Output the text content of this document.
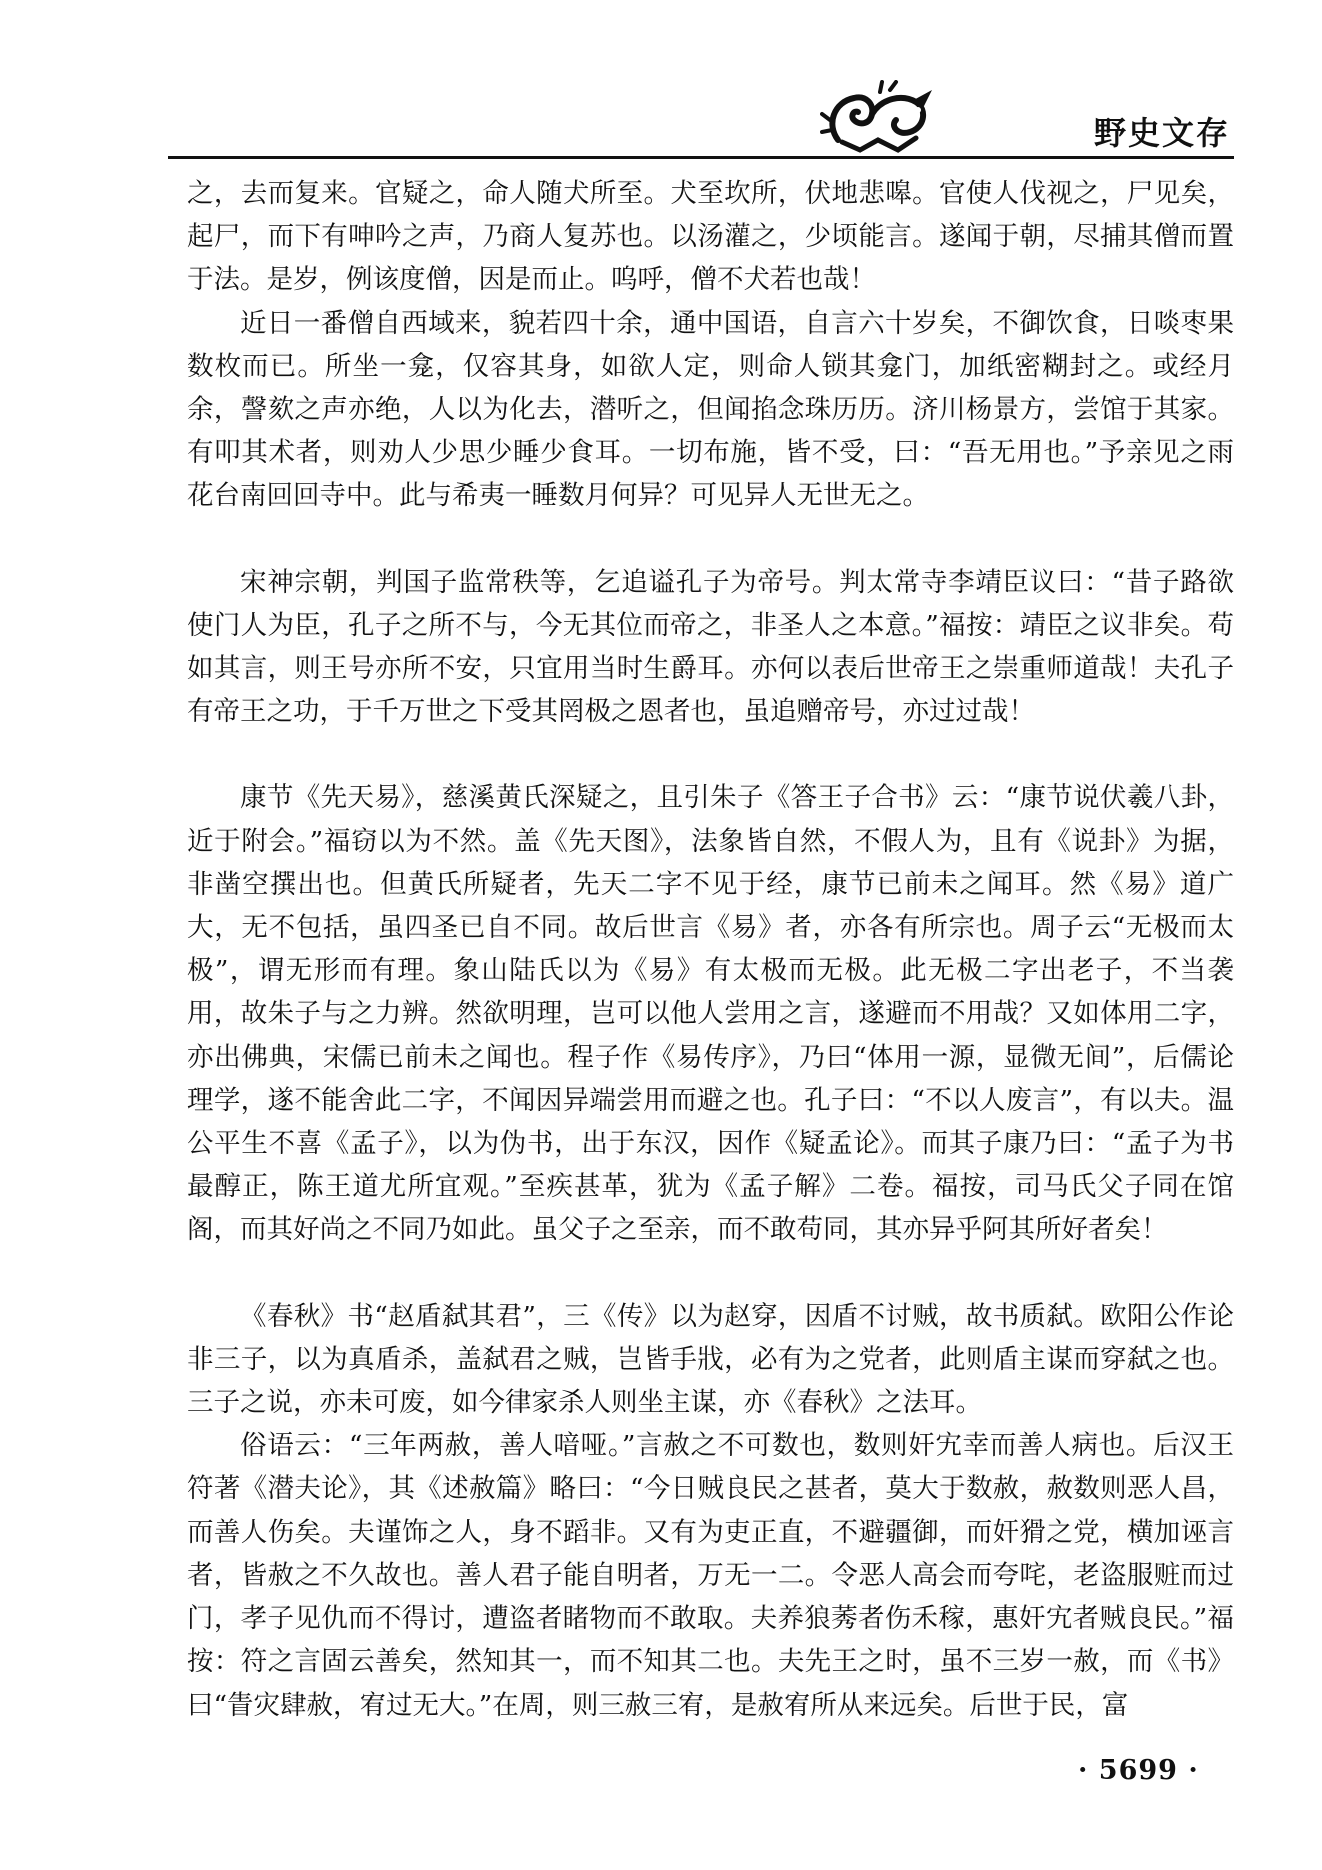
野史文存

之，去而复来。官疑之，命人随犬所至。犬至坎所，伏地悲嗥。官使人伐视之，尸见矣，起尸，而下有呻吟之声，乃商人复苏也。以汤灌之，少顷能言。遂闻于朝，尽捕其僧而置于法。是岁，例该度僧，因是而止。呜呼，僧不犬若也哉！

近日一番僧自西域来，貌若四十余，通中国语，自言六十岁矣，不御饮食，日啖枣果数枚而已。所坐一龛，仅容其身，如欲人定，则命人锁其龛门，加纸密糊封之。或经月余，謦欬之声亦绝，人以为化去，潜听之，但闻掐念珠历历。济川杨景方，尝馆于其家。有叩其术者，则劝人少思少睡少食耳。一切布施，皆不受，曰：“吾无用也。”予亲见之雨花台南回回寺中。此与希夷一睡数月何异？可见异人无世无之。

宋神宗朝，判国子监常秩等，乞追谥孔子为帝号。判太常寺李靖臣议曰：“昔子路欲使门人为臣，孔子之所不与，今无其位而帝之，非圣人之本意。”福按：靖臣之议非矣。苟如其言，则王号亦所不安，只宜用当时生爵耳。亦何以表后世帝王之崇重师道哉！夫孔子有帝王之功，于千万世之下受其罔极之恩者也，虽追赠帝号，亦过过哉！

康节《先天易》，慈溪黄氏深疑之，且引朱子《答王子合书》云：“康节说伏羲八卦，近于附会。”福窃以为不然。盖《先天图》，法象皆自然，不假人为，且有《说卦》为据，非凿空撰出也。但黄氏所疑者，先天二字不见于经，康节已前未之闻耳。然《易》道广大，无不包括，虽四圣已自不同。故后世言《易》者，亦各有所宗也。周子云“无极而太极”，谓无形而有理。象山陆氏以为《易》有太极而无极。此无极二字出老子，不当袭用，故朱子与之力辨。然欲明理，岂可以他人尝用之言，遂避而不用哉？又如体用二字，亦出佛典，宋儒已前未之闻也。程子作《易传序》，乃曰“体用一源，显微无间”，后儒论理学，遂不能舍此二字，不闻因异端尝用而避之也。孔子曰：“不以人废言”，有以夫。温公平生不喜《孟子》，以为伪书，出于东汉，因作《疑孟论》。而其子康乃曰：“孟子为书最醇正，陈王道尤所宜观。”至疾甚革，犹为《孟子解》二卷。福按，司马氏父子同在馆阁，而其好尚之不同乃如此。虽父子之至亲，而不敢苟同，其亦异乎阿其所好者矣！

《春秋》书“赵盾弑其君”，三《传》以为赵穿，因盾不讨贼，故书质弑。欧阳公作论非三子，以为真盾杀，盖弑君之贼，岂皆手戕，必有为之党者，此则盾主谋而穿弑之也。三子之说，亦未可废，如今律家杀人则坐主谋，亦《春秋》之法耳。

俗语云：“三年两赦，善人喑哑。”言赦之不可数也，数则奸宄幸而善人病也。后汉王符著《潜夫论》，其《述赦篇》略曰：“今日贼良民之甚者，莫大于数赦，赦数则恶人昌，而善人伤矣。夫谨饰之人，身不蹈非。又有为吏正直，不避疆御，而奸猾之党，横加诬言者，皆赦之不久故也。善人君子能自明者，万无一二。令恶人高会而夸咤，老盗服赃而过门，孝子见仇而不得讨，遭盗者睹物而不敢取。夫养狼莠者伤禾稼，惠奸宄者贼良民。”福按：符之言固云善矣，然知其一，而不知其二也。夫先王之时，虽不三岁一赦，而《书》曰“眚灾肆赦，宥过无大。”在周，则三赦三宥，是赦宥所从来远矣。后世于民，富

· 5699 ·
